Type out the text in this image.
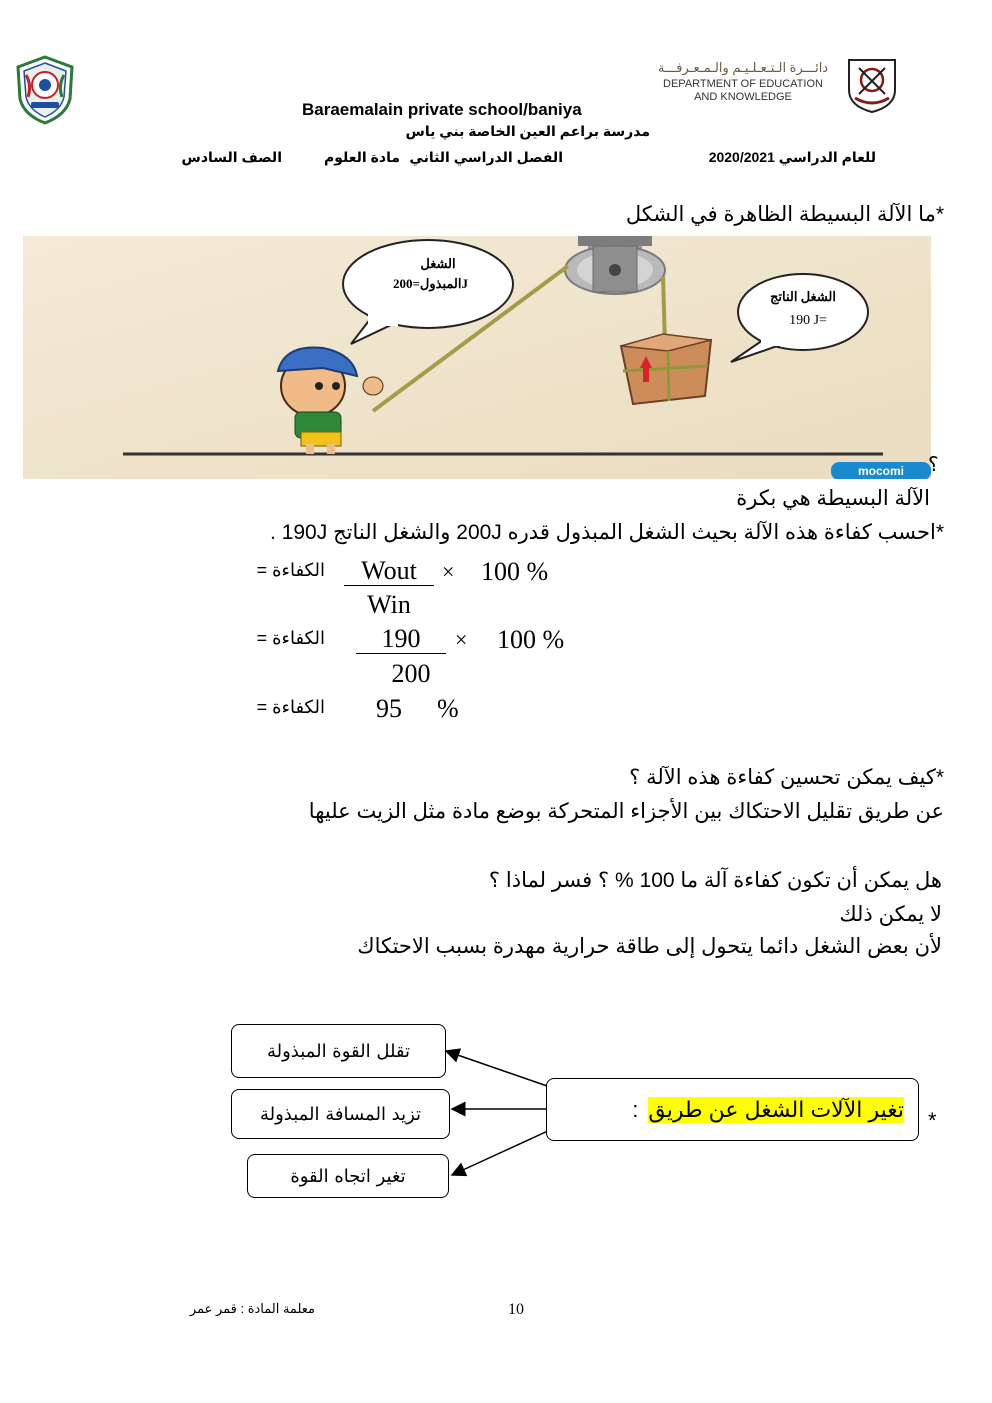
Baraemalain private school/baniya
دائـــرة الـتـعـلـيـم والـمـعـرفـــة
DEPARTMENT OF EDUCATION
AND KNOWLEDGE
مدرسة براعم العين الخاصة بني ياس
للعام الدراسي 2020/2021
الفصل الدراسي الثاني
مادة العلوم
الصف السادس
*ما الآلة البسيطة الظاهرة في الشكل
الشغل
المبذول=200J
الشغل الناتج
190 J=
mocomi	؟
الآلة البسيطة هي بكرة
*احسب كفاءة هذه الآلة بحيث الشغل المبذول قدره 200J والشغل الناتج 190J .
الكفاءة =	Wout	× 100 %
Win
الكفاءة =	190	× 100 %
200
الكفاءة = 95 %
*كيف يمكن تحسين كفاءة هذه الآلة ؟
عن طريق تقليل الاحتكاك بين الأجزاء المتحركة بوضع مادة مثل الزيت عليها
هل يمكن أن تكون كفاءة آلة ما 100 % ؟ فسر لماذا ؟
لا يمكن ذلك
لأن بعض الشغل دائما يتحول إلى طاقة حرارية مهدرة بسبب الاحتكاك
تقلل القوة المبذولة
تزيد المسافة المبذولة
تغير اتجاه القوة
: تغير الآلات الشغل عن طريق *
10
معلمة المادة : قمر عمر
